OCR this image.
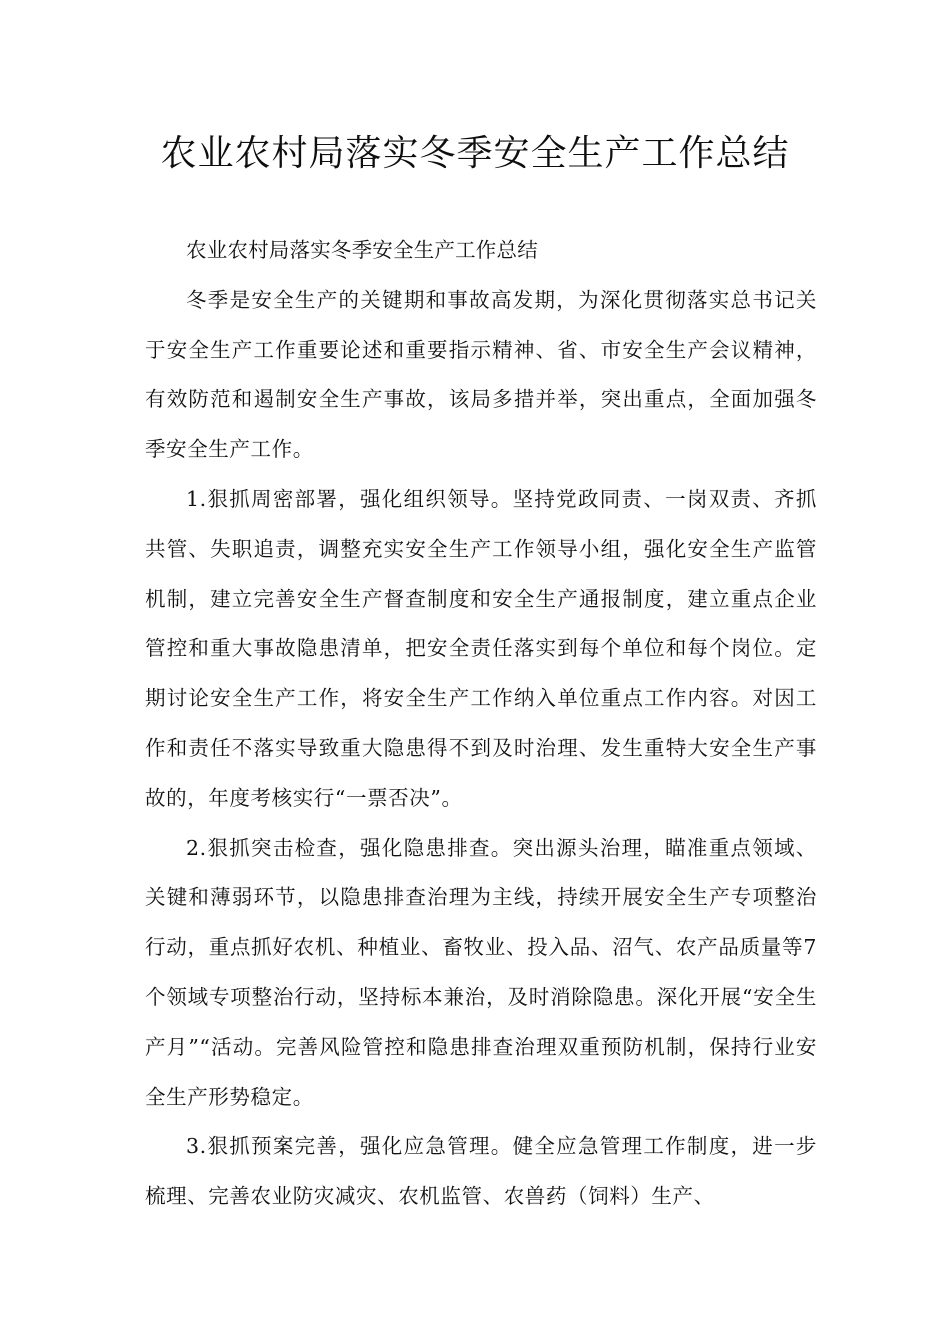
农业农村局落实冬季安全生产工作总结

农业农村局落实冬季安全生产工作总结

冬季是安全生产的关键期和事故高发期，为深化贯彻落实总书记关于安全生产工作重要论述和重要指示精神、省、市安全生产会议精神，有效防范和遏制安全生产事故，该局多措并举，突出重点，全面加强冬季安全生产工作。

1.狠抓周密部署，强化组织领导。坚持党政同责、一岗双责、齐抓共管、失职追责，调整充实安全生产工作领导小组，强化安全生产监管机制，建立完善安全生产督查制度和安全生产通报制度，建立重点企业管控和重大事故隐患清单，把安全责任落实到每个单位和每个岗位。定期讨论安全生产工作，将安全生产工作纳入单位重点工作内容。对因工作和责任不落实导致重大隐患得不到及时治理、发生重特大安全生产事故的，年度考核实行“一票否决”。

2.狠抓突击检查，强化隐患排查。突出源头治理，瞄准重点领域、关键和薄弱环节，以隐患排查治理为主线，持续开展安全生产专项整治行动，重点抓好农机、种植业、畜牧业、投入品、沼气、农产品质量等7个领域专项整治行动，坚持标本兼治，及时消除隐患。深化开展“安全生产月”“活动。完善风险管控和隐患排查治理双重预防机制，保持行业安全生产形势稳定。

3.狠抓预案完善，强化应急管理。健全应急管理工作制度，进一步梳理、完善农业防灾减灾、农机监管、农兽药（饲料）生产、
